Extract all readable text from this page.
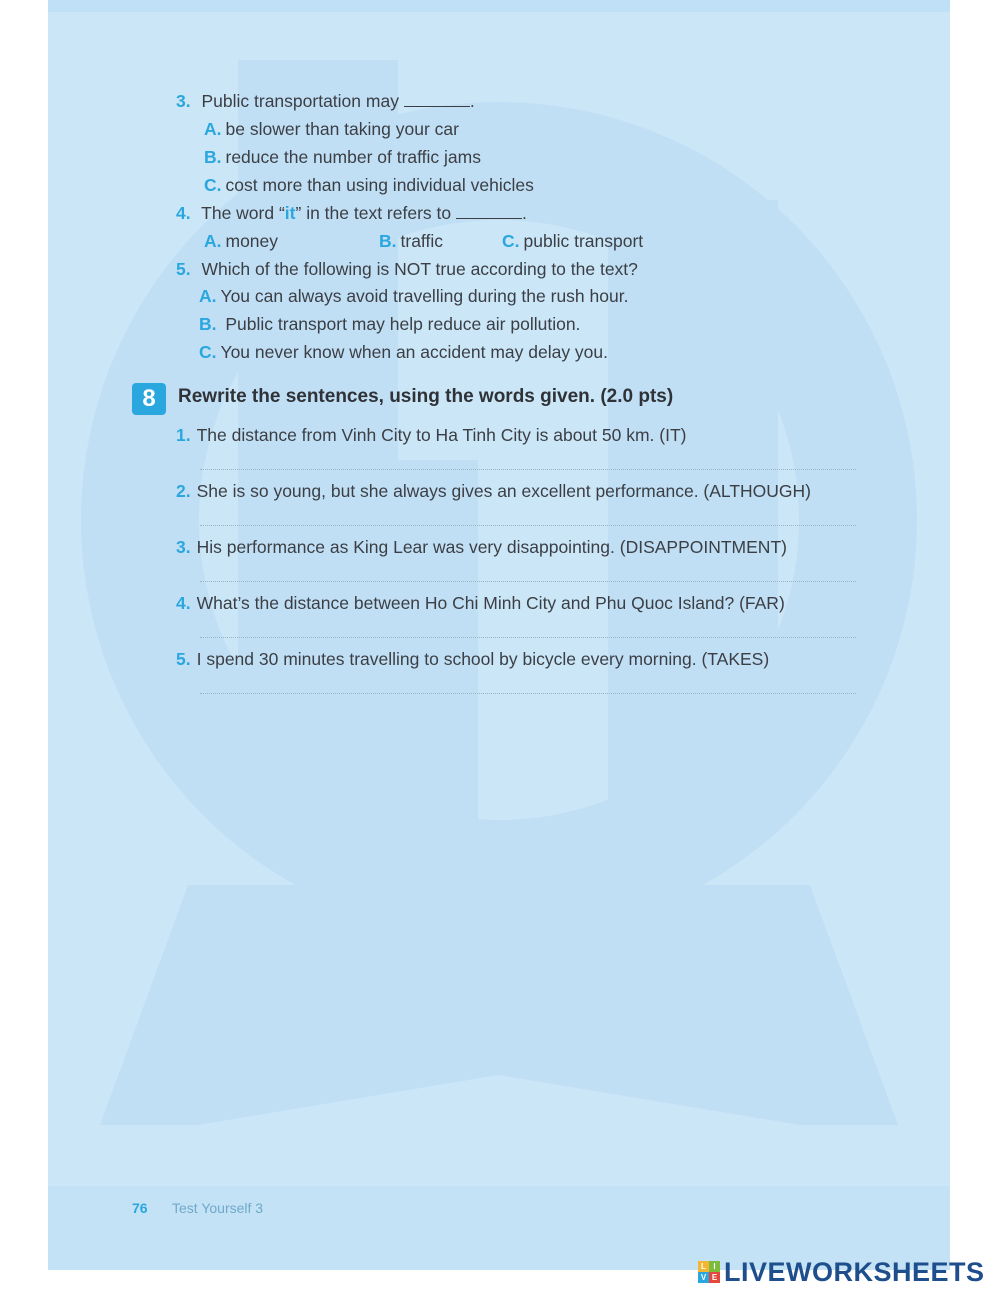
3. Public transportation may	.
A. be slower than taking your car
B. reduce the number of traffic jams
C. cost more than using individual vehicles
4. The word “it” in the text refers to	.
A. money	B. traffic	C. public transport
5. Which of the following is NOT true according to the text?
A. You can always avoid travelling during the rush hour.
B. Public transport may help reduce air pollution.
C. You never know when an accident may delay you.
8	Rewrite the sentences, using the words given. (2.0 pts)
1. The distance from Vinh City to Ha Tinh City is about 50 km. (IT)
2. She is so young, but she always gives an excellent performance. (ALTHOUGH)
3. His performance as King Lear was very disappointing. (DISAPPOINTMENT)
4. What’s the distance between Ho Chi Minh City and Phu Quoc Island? (FAR)
5. I spend 30 minutes travelling to school by bicycle every morning. (TAKES)
76 Test Yourself 3
L I
V E LIVEWORKSHEETS
